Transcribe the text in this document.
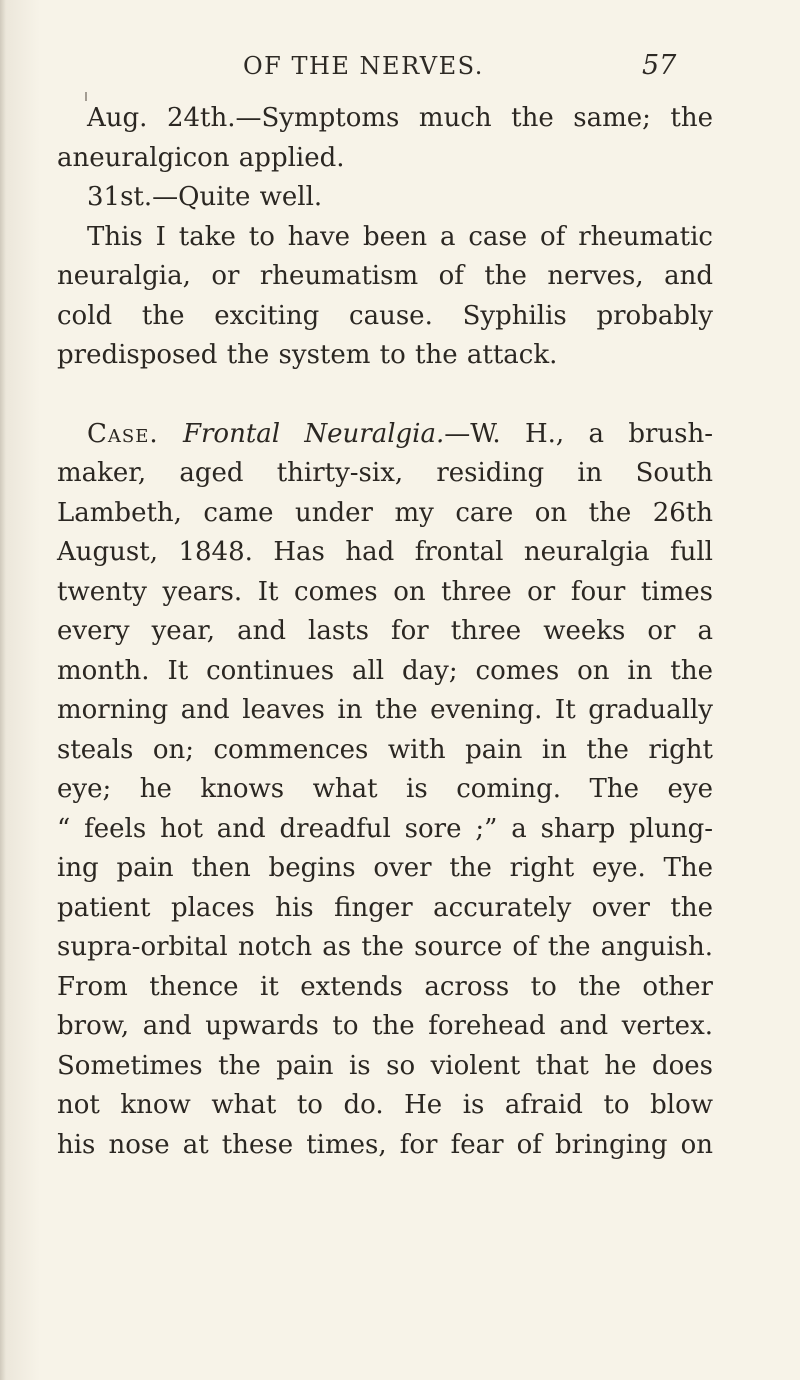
OF THE NERVES.	57
Aug. 24th.—Symptoms much the same; the
aneuralgicon applied.
31st.—Quite well.
This I take to have been a case of rheumatic
neuralgia, or rheumatism of the nerves, and
cold the exciting cause. Syphilis probably
predisposed the system to the attack.
Case. Frontal Neuralgia.—W. H., a brush-
maker, aged thirty-six, residing in South
Lambeth, came under my care on the 26th
August, 1848. Has had frontal neuralgia full
twenty years. It comes on three or four times
every year, and lasts for three weeks or a
month. It continues all day; comes on in the
morning and leaves in the evening. It gradually
steals on; commences with pain in the right
eye; he knows what is coming. The eye
“ feels hot and dreadful sore ;” a sharp plung-
ing pain then begins over the right eye. The
patient places his finger accurately over the
supra-orbital notch as the source of the anguish.
From thence it extends across to the other
brow, and upwards to the forehead and vertex.
Sometimes the pain is so violent that he does
not know what to do. He is afraid to blow
his nose at these times, for fear of bringing on
